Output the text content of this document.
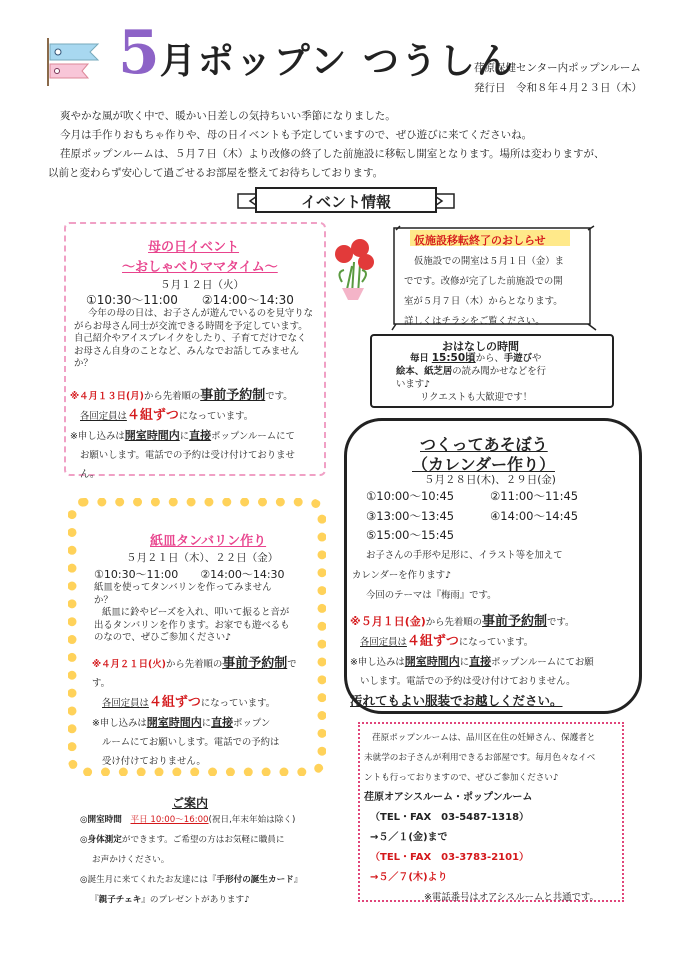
5月ポップン つうしん
荏原保健センター内ポップンルーム
発行日　令和８年４月２３日（木）
爽やかな風が吹く中で、暖かい日差しの気持ちいい季節になりました。
今月は手作りおもちゃ作りや、母の日イベントも予定していますので、ぜひ遊びに来てくださいね。
荏原ポップンルームは、５月７日（木）より改修の終了した前施設に移転し開室となります。場所は変わりますが、
以前と変わらず安心して過ごせるお部屋を整えてお待ちしております。
イベント情報
母の日イベント
～おしゃべりママタイム～
５月１２日（火）
①10:30～11:00　　②14:00～14:30

今年の母の日は、お子さんが遊んでいるのを見守りな

がらお母さん同士が交流できる時間を予定しています。

自己紹介やアイスブレイクをしたり、子育てだけでなく

お母さん自身のことなど、みんなでお話してみません

か？

※４月１３日(月)から先着順の事前予約制です。

各回定員は４組ずつになっています。

※申し込みは開室時間内に直接ポップンルームにて

お願いします。電話での予約は受け付けておりませ

ん。

仮施設移転終了のおしらせ

仮施設での開室は５月１日（金）ま

でです。改修が完了した前施設での開

室が５月７日（木）からとなります。

詳しくはチラシをご覧ください。

おはなしの時間

毎日 15:50頃から、手遊びや

絵本、紙芝居の読み聞かせなどを行

います♪

リクエストも大歓迎です！

つくってあそぼう
（カレンダー作り）
５月２８日(木)、２９日(金)
①10:00～10:45	②11:00～11:45
③13:00～13:45	④14:00～14:45
⑤15:00～15:45

お子さんの手形や足形に、イラスト等を加えて

カレンダーを作ります♪

今回のテーマは『梅雨』です。

※５月１日(金)から先着順の事前予約制です。

各回定員は４組ずつになっています。

※申し込みは開室時間内に直接ポップンルームにてお願

いします。電話での予約は受け付けておりません。

汚れてもよい服装でお越しください。

紙皿タンバリン作り
５月２１日（木）、２２日（金）
①10:30～11:00　　②14:00～14:30

紙皿を使ってタンバリンを作ってみません

か？

紙皿に鈴やビーズを入れ、叩いて振ると音が

出るタンバリンを作ります。お家でも遊べるも

のなので、ぜひご参加ください♪

※４月２１日(火)から先着順の事前予約制です。

各回定員は４組ずつになっています。

※申し込みは開室時間内に直接ポップン

ルームにてお願いします。電話での予約は

受け付けておりません。

ご案内

◎開室時間　 平日 10:00～16:00(祝日,年末年始は除く)

◎身体測定ができます。ご希望の方はお気軽に職員に

お声かけください。

◎誕生月に来てくれたお友達には『手形付の誕生カード』

『親子チェキ』のプレゼントがあります♪

荏原ポップンルームは、品川区在住の妊婦さん、保護者と

未就学のお子さんが利用できるお部屋です。毎月色々なイベ

ントも行っておりますので、ぜひご参加ください♪

荏原オアシスルーム・ポップンルーム

（TEL・FAX　03-5487-1318）

→５／１(金)まで

（TEL・FAX　03-3783-2101）

→５／７(木)より

※電話番号はオアシスルームと共通です。
